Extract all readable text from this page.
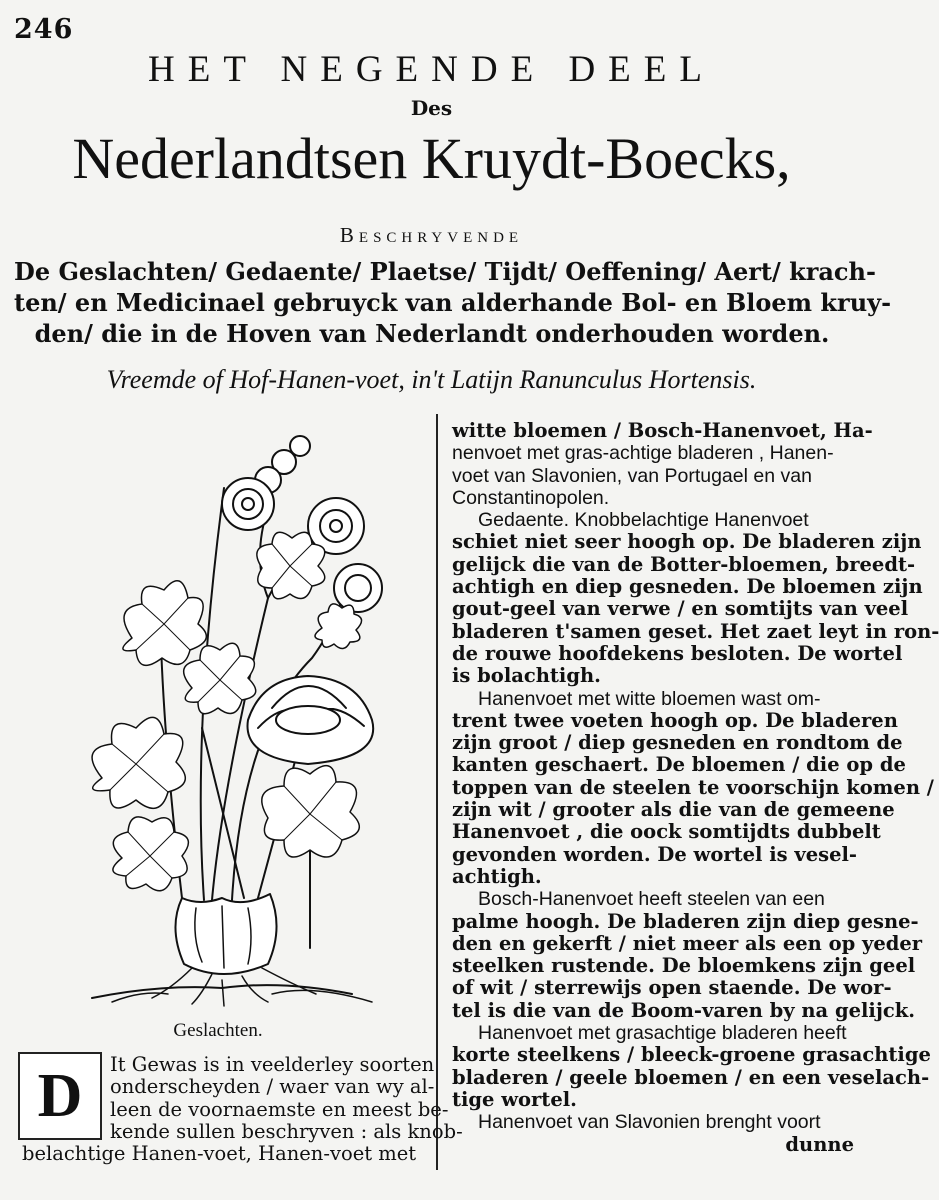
246
HET NEGENDE DEEL
Des
Nederlandtsen Kruydt-Boecks,
Beschryvende
De Geslachten/ Gedaente/ Plaetse/ Tijdt/ Oeffening/ Aert/ krach-
ten/ en Medicinael gebruyck van alderhande Bol- en Bloem kruy-
den/ die in de Hoven van Nederlandt onderhouden worden.
Vreemde of Hof-Hanen-voet, in't Latijn Ranunculus Hortensis.
Geslachten.
D	It Gewas is in veelderley soorten
onderscheyden / waer van wy al-
leen de voornaemste en meest be-
kende sullen beschryven : als knob-
belachtige Hanen-voet, Hanen-voet met
witte bloemen / Bosch-Hanenvoet, Ha-
nenvoet met gras-achtige bladeren , Hanen-
voet van Slavonien, van Portugael en van
Constantinopolen.
Gedaente. Knobbelachtige Hanenvoet
schiet niet seer hoogh op. De bladeren zijn
gelijck die van de Botter-bloemen, breedt-
achtigh en diep gesneden. De bloemen zijn
gout-geel van verwe / en somtijts van veel
bladeren t'samen geset. Het zaet leyt in ron-
de rouwe hoofdekens besloten. De wortel
is bolachtigh.
Hanenvoet met witte bloemen wast om-
trent twee voeten hoogh op. De bladeren
zijn groot / diep gesneden en rondtom de
kanten geschaert. De bloemen / die op de
toppen van de steelen te voorschijn komen /
zijn wit / grooter als die van de gemeene
Hanenvoet , die oock somtijdts dubbelt
gevonden worden. De wortel is vesel-
achtigh.
Bosch-Hanenvoet heeft steelen van een
palme hoogh. De bladeren zijn diep gesne-
den en gekerft / niet meer als een op yeder
steelken rustende. De bloemkens zijn geel
of wit / sterrewijs open staende. De wor-
tel is die van de Boom-varen by na gelijck.
Hanenvoet met grasachtige bladeren heeft
korte steelkens / bleeck-groene grasachtige
bladeren / geele bloemen / en een veselach-
tige wortel.
Hanenvoet van Slavonien brenght voort
dunne
